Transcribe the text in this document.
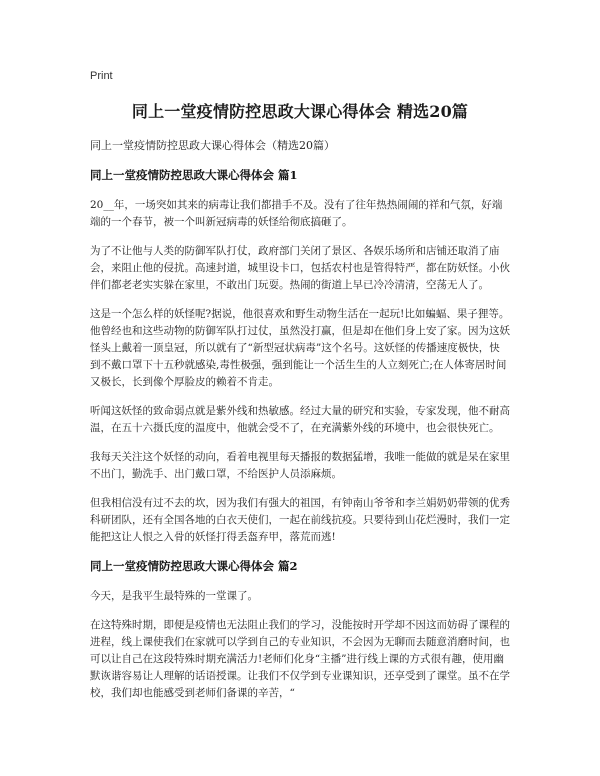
Print
同上一堂疫情防控思政大课心得体会 精选20篇
同上一堂疫情防控思政大课心得体会（精选20篇）
同上一堂疫情防控思政大课心得体会 篇1

20__年，一场突如其来的病毒让我们都措手不及。没有了往年热热闹闹的祥和气氛，好端端的一个春节，被一个叫新冠病毒的妖怪给彻底搞砸了。

为了不让他与人类的防御军队打仗，政府部门关闭了景区、各娱乐场所和店铺还取消了庙会，来阻止他的侵扰。高速封道，城里设卡口，包括农村也是管得特严，都在防妖怪。小伙伴们都老老实实躲在家里，不敢出门玩耍。热闹的街道上早已冷冷清清，空荡无人了。

这是一个怎么样的妖怪呢?据说，他很喜欢和野生动物生活在一起玩!比如蝙蝠、果子狸等。他曾经也和这些动物的防御军队打过仗，虽然没打赢，但是却在他们身上安了家。因为这妖怪头上戴着一顶皇冠，所以就有了“新型冠状病毒”这个名号。这妖怪的传播速度极快，快到不戴口罩下十五秒就感染,毒性极强，强到能让一个活生生的人立刻死亡;在人体寄居时间又极长，长到像个厚脸皮的赖着不肯走。

听闻这妖怪的致命弱点就是紫外线和热敏感。经过大量的研究和实验，专家发现，他不耐高温，在五十六摄氏度的温度中，他就会受不了，在充满紫外线的环境中，也会很快死亡。

我每天关注这个妖怪的动向，看着电视里每天播报的数据猛增，我唯一能做的就是呆在家里不出门，勤洗手、出门戴口罩，不给医护人员添麻烦。

但我相信没有过不去的坎，因为我们有强大的祖国，有钟南山爷爷和李兰娟奶奶带领的优秀科研团队，还有全国各地的白衣天使们，一起在前线抗疫。只要待到山花烂漫时，我们一定能把这让人恨之入骨的妖怪打得丢盔弃甲，落荒而逃!

同上一堂疫情防控思政大课心得体会 篇2

今天，是我平生最特殊的一堂课了。

在这特殊时期，即便是疫情也无法阻止我们的学习，没能按时开学却不因这而妨碍了课程的进程，线上课使我们在家就可以学到自己的专业知识，不会因为无聊而去随意消磨时间，也可以让自己在这段特殊时期充满活力!老师们化身“主播”进行线上课的方式很有趣，使用幽默诙谐容易让人理解的话语授课。让我们不仅学到专业课知识，还享受到了课堂。虽不在学校，我们却也能感受到老师们备课的辛苦，“
